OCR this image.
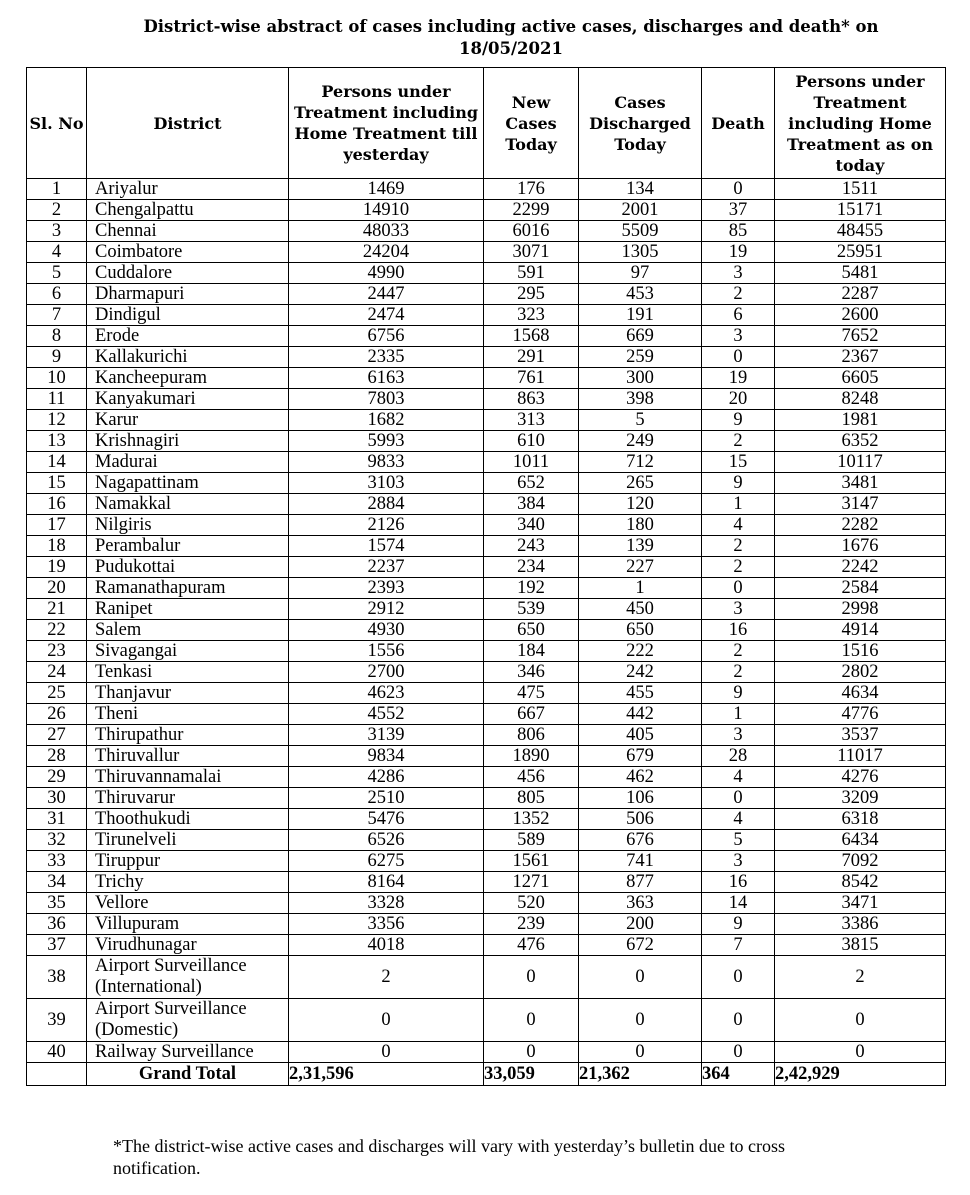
District-wise abstract of cases including active cases, discharges and death* on
18/05/2021
Sl. No	District	Persons under Treatment including Home Treatment till yesterday	New Cases Today	Cases Discharged Today	Death	Persons under Treatment including Home Treatment as on today
1	Ariyalur	1469	176	134	0	1511
2	Chengalpattu	14910	2299	2001	37	15171
3	Chennai	48033	6016	5509	85	48455
4	Coimbatore	24204	3071	1305	19	25951
5	Cuddalore	4990	591	97	3	5481
6	Dharmapuri	2447	295	453	2	2287
7	Dindigul	2474	323	191	6	2600
8	Erode	6756	1568	669	3	7652
9	Kallakurichi	2335	291	259	0	2367
10	Kancheepuram	6163	761	300	19	6605
11	Kanyakumari	7803	863	398	20	8248
12	Karur	1682	313	5	9	1981
13	Krishnagiri	5993	610	249	2	6352
14	Madurai	9833	1011	712	15	10117
15	Nagapattinam	3103	652	265	9	3481
16	Namakkal	2884	384	120	1	3147
17	Nilgiris	2126	340	180	4	2282
18	Perambalur	1574	243	139	2	1676
19	Pudukottai	2237	234	227	2	2242
20	Ramanathapuram	2393	192	1	0	2584
21	Ranipet	2912	539	450	3	2998
22	Salem	4930	650	650	16	4914
23	Sivagangai	1556	184	222	2	1516
24	Tenkasi	2700	346	242	2	2802
25	Thanjavur	4623	475	455	9	4634
26	Theni	4552	667	442	1	4776
27	Thirupathur	3139	806	405	3	3537
28	Thiruvallur	9834	1890	679	28	11017
29	Thiruvannamalai	4286	456	462	4	4276
30	Thiruvarur	2510	805	106	0	3209
31	Thoothukudi	5476	1352	506	4	6318
32	Tirunelveli	6526	589	676	5	6434
33	Tiruppur	6275	1561	741	3	7092
34	Trichy	8164	1271	877	16	8542
35	Vellore	3328	520	363	14	3471
36	Villupuram	3356	239	200	9	3386
37	Virudhunagar	4018	476	672	7	3815
38	Airport Surveillance (International)	2	0	0	0	2
39	Airport Surveillance (Domestic)	0	0	0	0	0
40	Railway Surveillance	0	0	0	0	0
	Grand Total	2,31,596	33,059	21,362	364	2,42,929
*The district-wise active cases and discharges will vary with yesterday’s bulletin due to cross notification.
